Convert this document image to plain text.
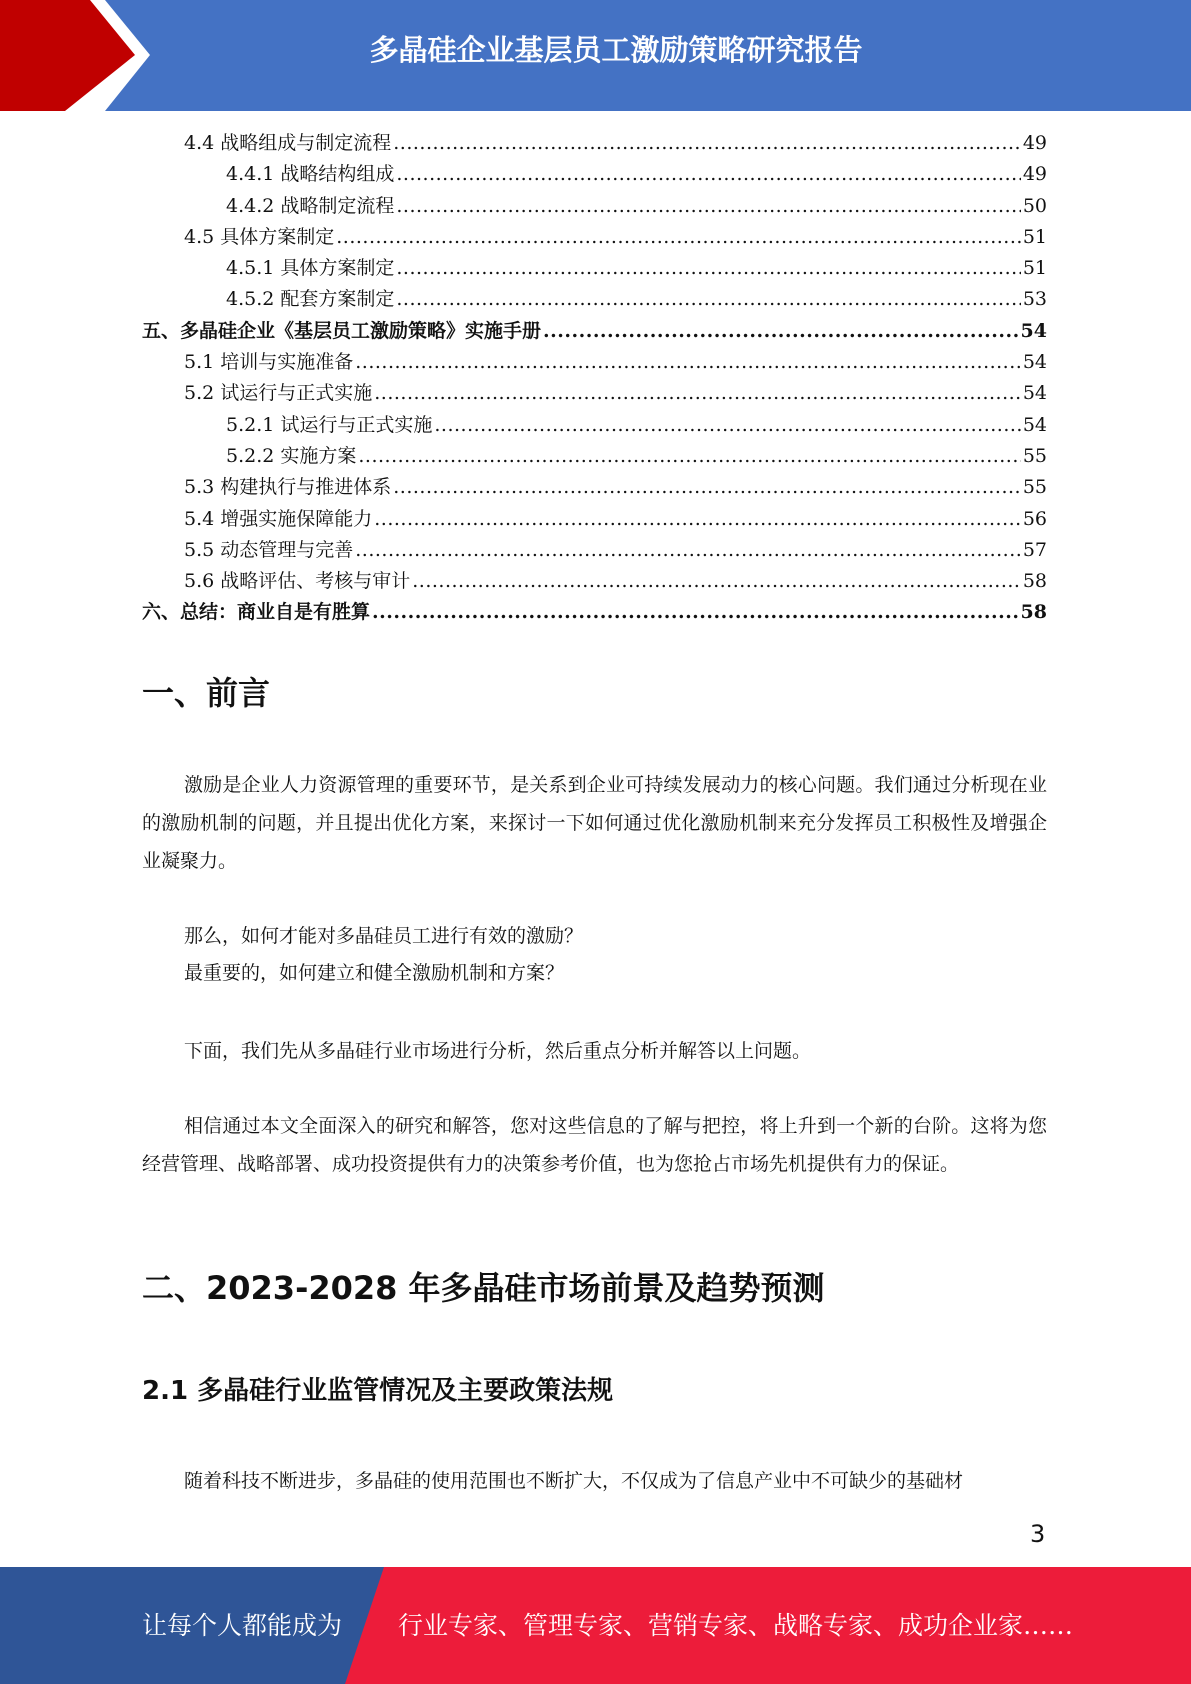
多晶硅企业基层员工激励策略研究报告
4.4 战略组成与制定流程 .....	49
4.4.1 战略结构组成 .....	49
4.4.2 战略制定流程 .....	50
4.5 具体方案制定 .....	51
4.5.1 具体方案制定 .....	51
4.5.2 配套方案制定 .....	53
五、多晶硅企业《基层员工激励策略》实施手册 .....	54
5.1 培训与实施准备 .....	54
5.2 试运行与正式实施 .....	54
5.2.1 试运行与正式实施 .....	54
5.2.2 实施方案 .....	55
5.3 构建执行与推进体系 .....	55
5.4 增强实施保障能力 .....	56
5.5 动态管理与完善 .....	57
5.6 战略评估、考核与审计 .....	58
六、总结：商业自是有胜算 .....	58
一、前言
激励是企业人力资源管理的重要环节，是关系到企业可持续发展动力的核心问题。我们通过分析现在业的激励机制的问题，并且提出优化方案，来探讨一下如何通过优化激励机制来充分发挥员工积极性及增强企业凝聚力。
那么，如何才能对多晶硅员工进行有效的激励？
最重要的，如何建立和健全激励机制和方案？
下面，我们先从多晶硅行业市场进行分析，然后重点分析并解答以上问题。
相信通过本文全面深入的研究和解答，您对这些信息的了解与把控，将上升到一个新的台阶。这将为您经营管理、战略部署、成功投资提供有力的决策参考价值，也为您抢占市场先机提供有力的保证。
二、2023-2028 年多晶硅市场前景及趋势预测
2.1 多晶硅行业监管情况及主要政策法规
随着科技不断进步，多晶硅的使用范围也不断扩大，不仅成为了信息产业中不可缺少的基础材
3
让每个人都能成为 行业专家、管理专家、营销专家、战略专家、成功企业家……
